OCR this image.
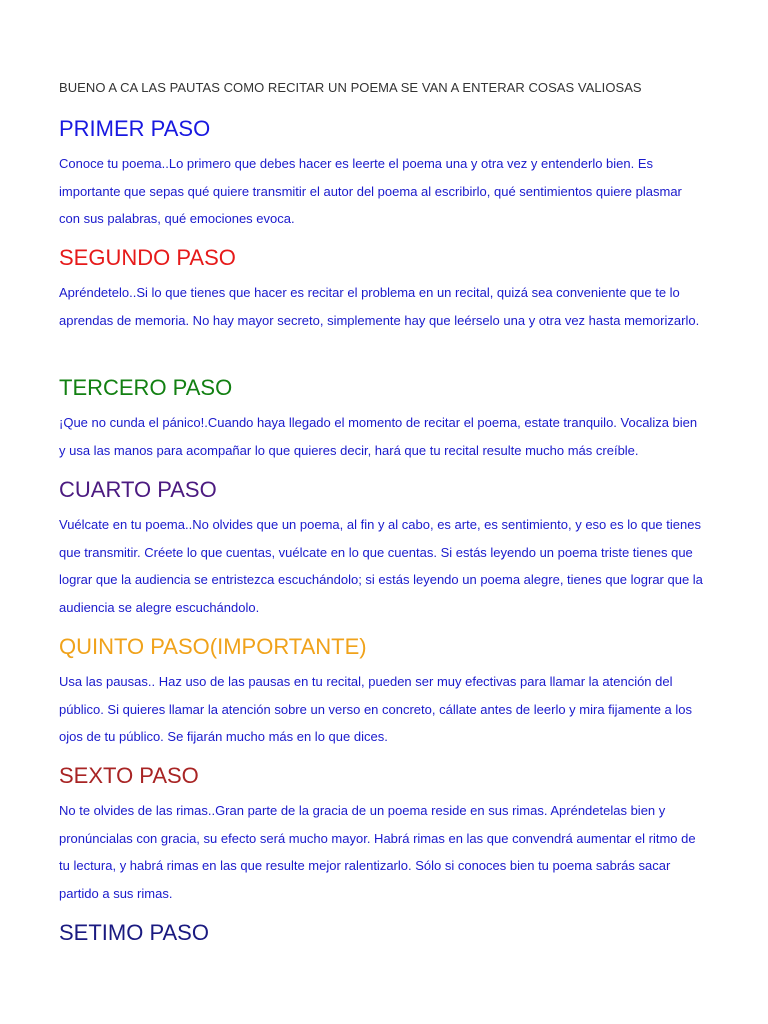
BUENO A CA LAS PAUTAS COMO RECITAR UN POEMA SE VAN A ENTERAR COSAS VALIOSAS
PRIMER PASO

Conoce tu poema..Lo primero que debes hacer es leerte el poema una y otra vez y entenderlo bien. Es importante que sepas qué quiere transmitir el autor del poema al escribirlo, qué sentimientos quiere plasmar con sus palabras, qué emociones evoca.

SEGUNDO PASO

Apréndetelo..Si lo que tienes que hacer es recitar el problema en un recital, quizá sea conveniente que te lo aprendas de memoria. No hay mayor secreto, simplemente hay que leérselo una y otra vez hasta memorizarlo.

TERCERO PASO

¡Que no cunda el pánico!.Cuando haya llegado el momento de recitar el poema, estate tranquilo. Vocaliza bien y usa las manos para acompañar lo que quieres decir, hará que tu recital resulte mucho más creíble.

CUARTO PASO

Vuélcate en tu poema..No olvides que un poema, al fin y al cabo, es arte, es sentimiento, y eso es lo que tienes que transmitir. Créete lo que cuentas, vuélcate en lo que cuentas. Si estás leyendo un poema triste tienes que lograr que la audiencia se entristezca escuchándolo; si estás leyendo un poema alegre, tienes que lograr que la audiencia se alegre escuchándolo.

QUINTO PASO(IMPORTANTE)

Usa las pausas.. Haz uso de las pausas en tu recital, pueden ser muy efectivas para llamar la atención del público. Si quieres llamar la atención sobre un verso en concreto, cállate antes de leerlo y mira fijamente a los ojos de tu público. Se fijarán mucho más en lo que dices.

SEXTO PASO

No te olvides de las rimas..Gran parte de la gracia de un poema reside en sus rimas. Apréndetelas bien y pronúncialas con gracia, su efecto será mucho mayor. Habrá rimas en las que convendrá aumentar el ritmo de tu lectura, y habrá rimas en las que resulte mejor ralentizarlo. Sólo si conoces bien tu poema sabrás sacar partido a sus rimas.

SETIMO PASO
